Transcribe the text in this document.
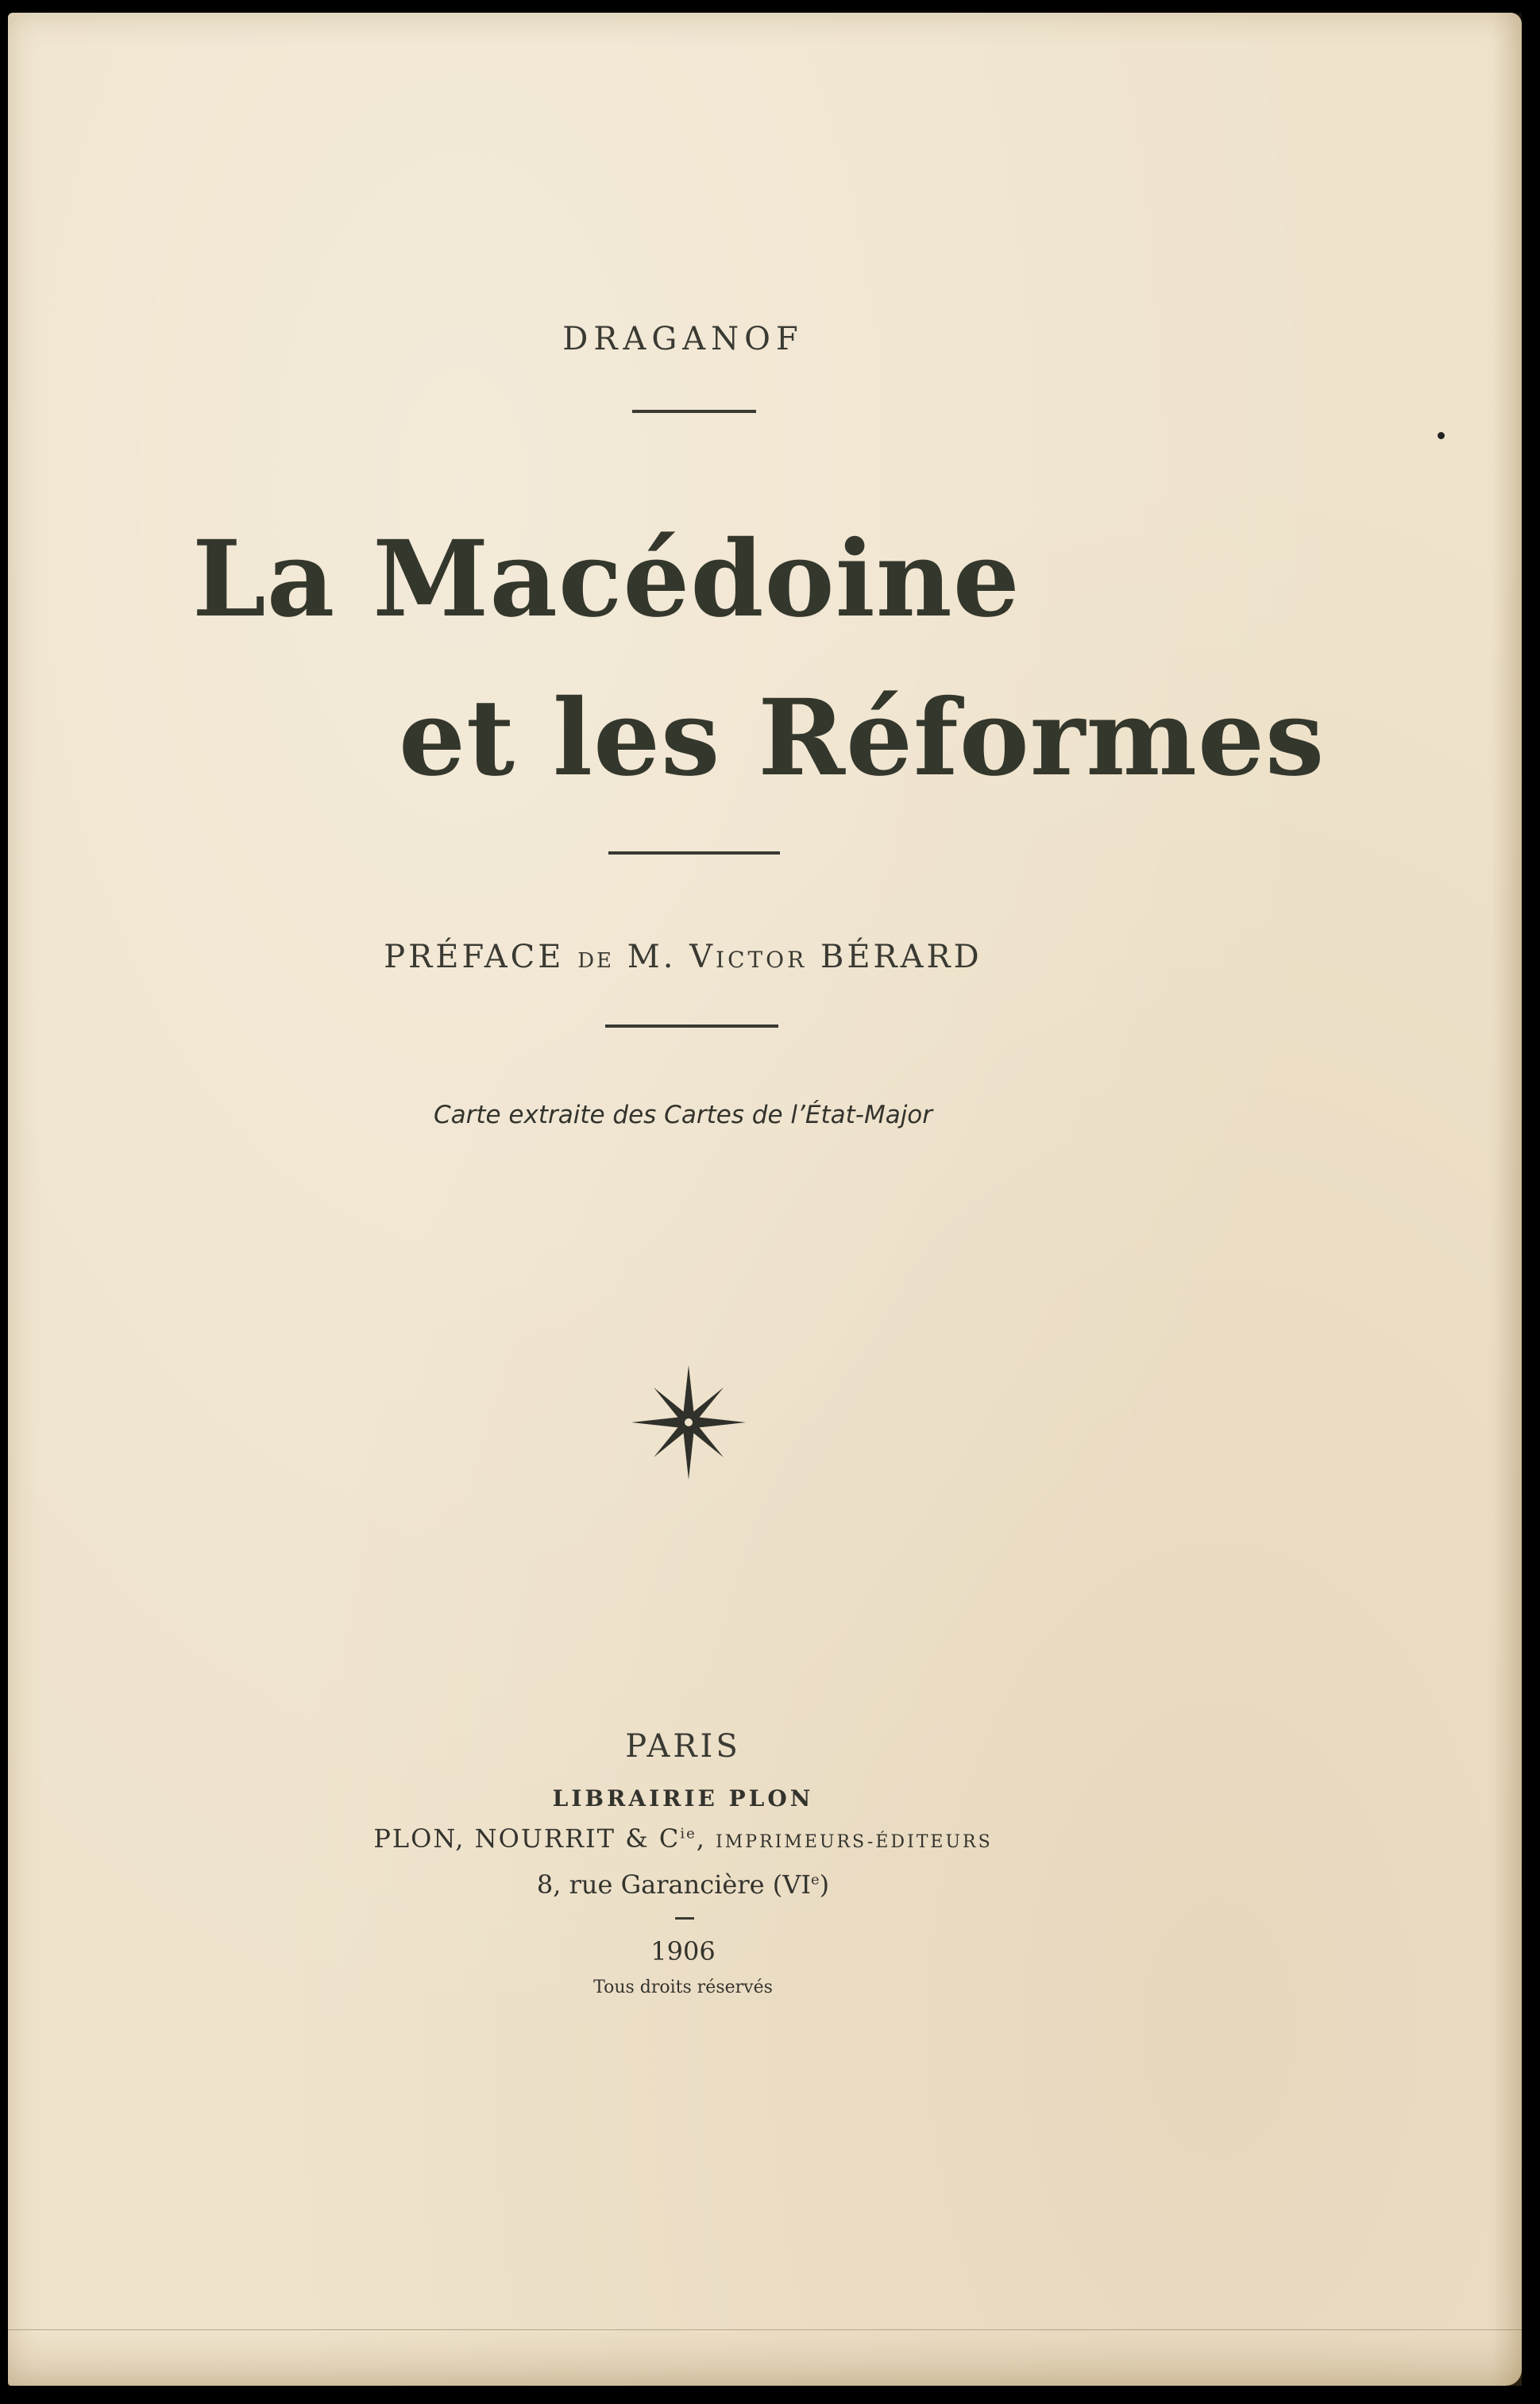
DRAGANOF
La Macédoine
et les Réformes
PRÉFACE DE M. VICTOR BÉRARD
Carte extraite des Cartes de l’État-Major
PARIS
LIBRAIRIE PLON
PLON, NOURRIT & $C^{ie}$, IMPRIMEURS-ÉDITEURS
8, rue Garancière (VIe)
1906
Tous droits réservés
